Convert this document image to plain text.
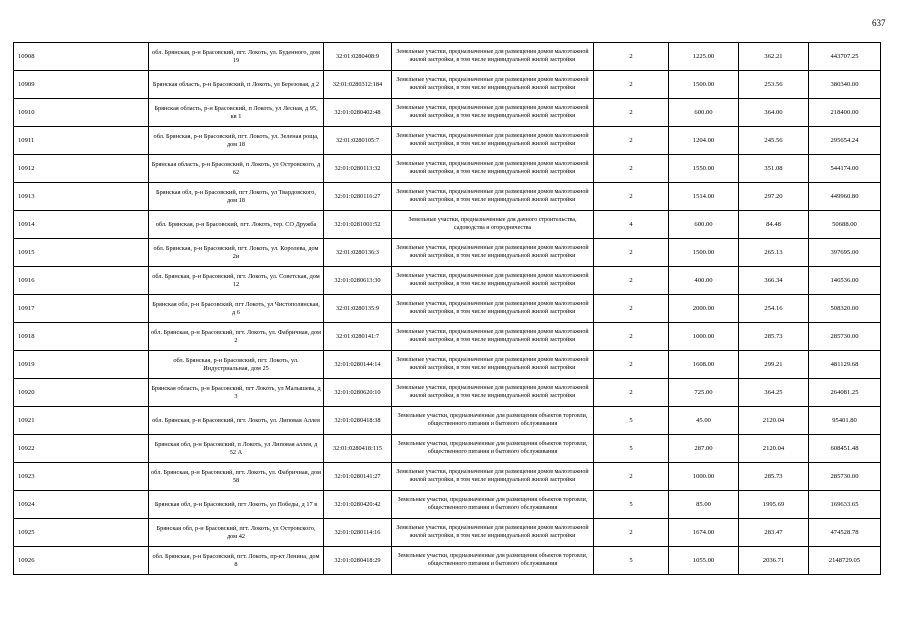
637
10908	обл. Брянская, р-н Брасовский, пгт. Локоть, ул. Буденного, дом 19	32:01:0280408:9	Земельные участки, предназначенные для размещения домов малоэтажной жилой застройки, в том числе индивидуальной жилой застройки	2	1225.00	362.21	443707.25
10909	Брянская область, р-н Брасовский, п Локоть, ул Березовая, д 2	32:01:0280312:184	Земельные участки, предназначенные для размещения домов малоэтажной жилой застройки, в том числе индивидуальной жилой застройки	2	1500.00	253.56	380340.00
10910	Брянская область, р-н Брасовский, п Локоть, ул Лесная, д 95, кв 1	32:01:0280402:48	Земельные участки, предназначенные для размещения домов малоэтажной жилой застройки, в том числе индивидуальной жилой застройки	2	600.00	364.00	218400.00
10911	обл. Брянская, р-н Брасовский, пгт. Локоть, ул. Зеленая роща, дом 18	32:01:0280105:7	Земельные участки, предназначенные для размещения домов малоэтажной жилой застройки, в том числе индивидуальной жилой застройки	2	1204.00	245.56	295654.24
10912	Брянская область, р-н Брасовский, п Локоть, ул Островского, д 62	32:01:0280113:32	Земельные участки, предназначенные для размещения домов малоэтажной жилой застройки, в том числе индивидуальной жилой застройки	2	1550.00	351.08	544174.00
10913	Брянская обл, р-н Брасовский, пгт Локоть, ул Твардовского, дом 18	32:01:0280116:27	Земельные участки, предназначенные для размещения домов малоэтажной жилой застройки, в том числе индивидуальной жилой застройки	2	1514.00	297.20	449960.80
10914	обл. Брянская, р-н Брасовский, пгт. Локоть, тер. СО Дружба	32:01:0281001:52	Земельные участки, предназначенные для дачного строительства, садоводства и огородничества	4	600.00	84.48	50688.00
10915	обл. Брянская, р-н Брасовский, пгт. Локоть, ул. Королева, дом 2и	32:01:0280136:3	Земельные участки, предназначенные для размещения домов малоэтажной жилой застройки, в том числе индивидуальной жилой застройки	2	1500.00	265.13	397695.00
10916	обл. Брянская, р-н Брасовский, пгт. Локоть, ул. Советская, дом 12	32:01:0280613:30	Земельные участки, предназначенные для размещения домов малоэтажной жилой застройки, в том числе индивидуальной жилой застройки	2	400.00	366.34	146536.00
10917	Брянская обл, р-н Брасовский, пгт Локоть, ул Чистополянская, д 6	32:01:0280135:9	Земельные участки, предназначенные для размещения домов малоэтажной жилой застройки, в том числе индивидуальной жилой застройки	2	2000.00	254.16	508320.00
10918	обл. Брянская, р-н Брасовский, пгт. Локоть, ул. Фабричная, дом 2	32:01:0280141:7	Земельные участки, предназначенные для размещения домов малоэтажной жилой застройки, в том числе индивидуальной жилой застройки	2	1000.00	285.73	285730.00
10919	обл. Брянская, р-н Брасовский, пгт. Локоть, ул. Индустриальная, дом 25	32:01:0280144:14	Земельные участки, предназначенные для размещения домов малоэтажной жилой застройки, в том числе индивидуальной жилой застройки	2	1608.00	299.21	481129.68
10920	Брянская область, р-н Брасовский, пгт Локоть, ул Малышева, д 3	32:01:0280620:10	Земельные участки, предназначенные для размещения домов малоэтажной жилой застройки, в том числе индивидуальной жилой застройки	2	725.00	364.25	264081.25
10921	обл. Брянская, р-н Брасовский, пгт. Локоть, ул. Липовая Аллея	32:01:0280418:38	Земельные участки, предназначенные для размещения объектов торговли, общественного питания и бытового обслуживания	5	45.00	2120.04	95401.80
10922	Брянская обл, р-н Брасовский, п Локоть, ул Липовая аллея, д 52 А	32:01:0280418:115	Земельные участки, предназначенные для размещения объектов торговли, общественного питания и бытового обслуживания	5	287.00	2120.04	608451.48
10923	обл. Брянская, р-н Брасовский, пгт. Локоть, ул. Фабричная, дом 58	32:01:0280141:27	Земельные участки, предназначенные для размещения домов малоэтажной жилой застройки, в том числе индивидуальной жилой застройки	2	1000.00	285.73	285730.00
10924	Брянская обл, р-н Брасовский, пгт Локоть, ул Победы, д 17 в	32:01:0280420:42	Земельные участки, предназначенные для размещения объектов торговли, общественного питания и бытового обслуживания	5	85.00	1995.69	169633.65
10925	Брянская обл, р-н Брасовский, пгт. Локоть, ул Островского, дом 42	32:01:0280114:16	Земельные участки, предназначенные для размещения домов малоэтажной жилой застройки, в том числе индивидуальной жилой застройки	2	1674.00	283.47	474528.78
10926	обл. Брянская, р-н Брасовский, пгт. Локоть, пр-кт Ленина, дом 8	32:01:0280418:29	Земельные участки, предназначенные для размещения объектов торговли, общественного питания и бытового обслуживания	5	1055.00	2036.71	2148729.05
